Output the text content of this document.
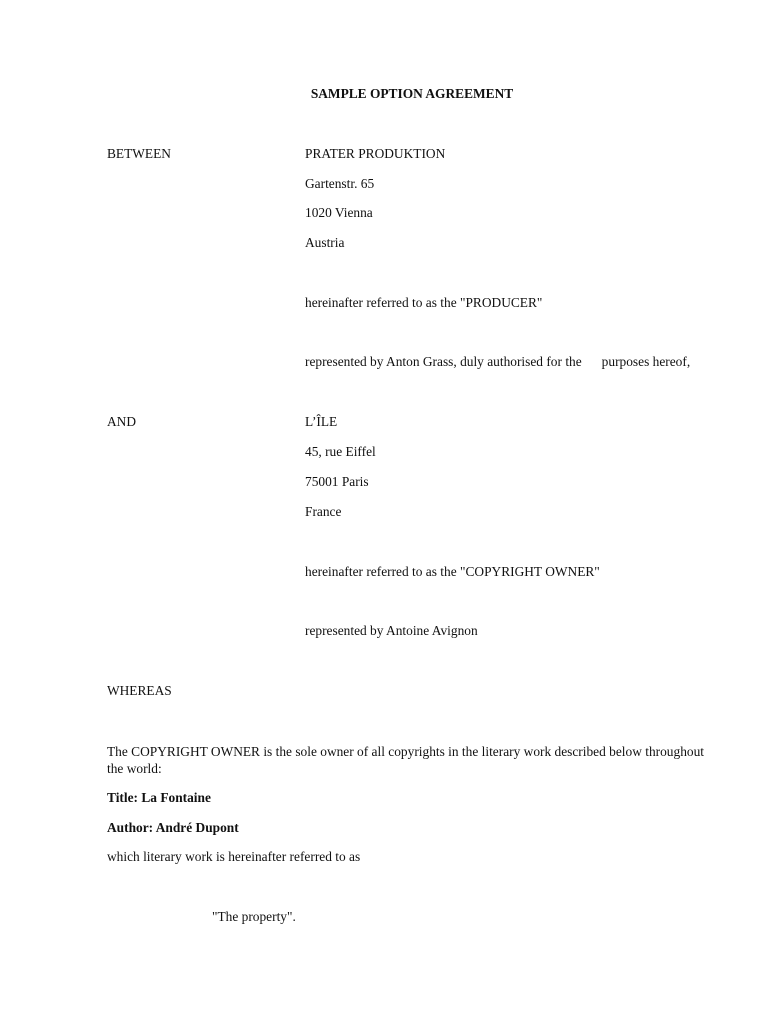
SAMPLE OPTION AGREEMENT
BETWEEN	PRATER PRODUKTION
Gartenstr. 65
1020 Vienna
Austria
hereinafter referred to as the "PRODUCER"
represented by Anton Grass, duly authorised for the purposes hereof,
AND	L’ÎLE
45, rue Eiffel
75001 Paris
France
hereinafter referred to as the "COPYRIGHT OWNER"
represented by Antoine Avignon
WHEREAS
The COPYRIGHT OWNER is the sole owner of all copyrights in the literary work described below throughout the world:
Title: La Fontaine
Author: André Dupont
which literary work is hereinafter referred to as
"The property".
